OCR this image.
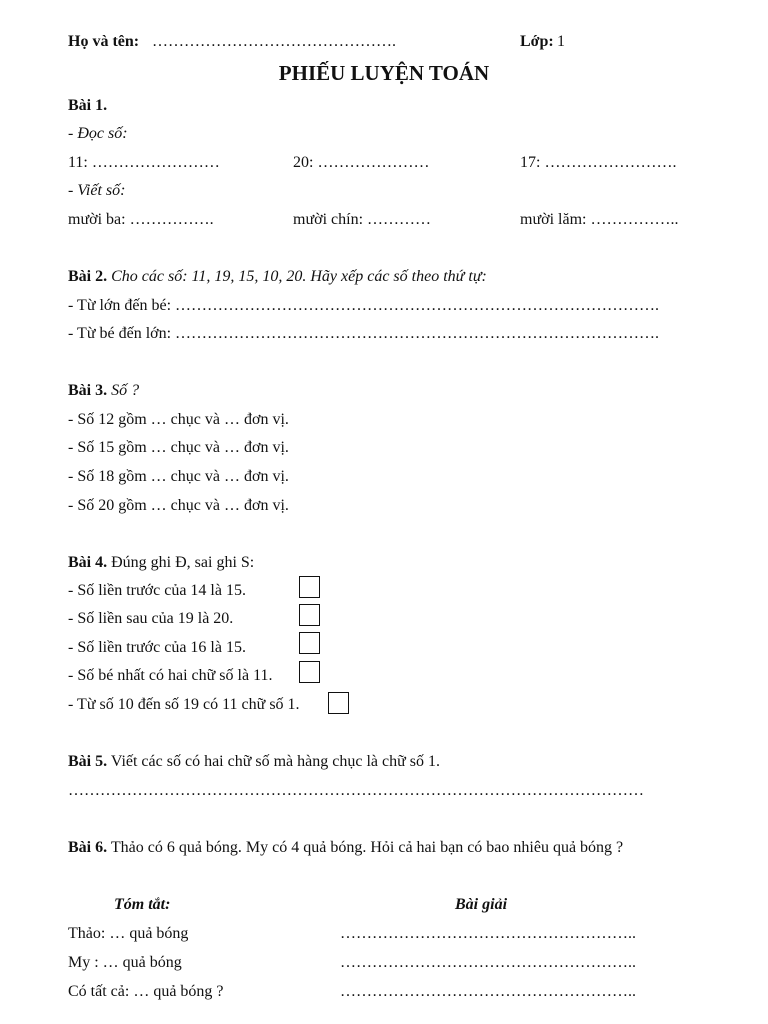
Họ và tên: ……………………………………….	Lớp: 1
PHIẾU LUYỆN TOÁN
Bài 1.
- Đọc số:
11: ……………………	20: …………………	17: …………………….
- Viết số:
mười ba: …………….	mười chín: …………	mười lăm: ……………..
Bài 2. Cho các số: 11, 19, 15, 10, 20. Hãy xếp các số theo thứ tự:
- Từ lớn đến bé: ……………………………………………………………………………….
- Từ bé đến lớn: ……………………………………………………………………………….
Bài 3. Số ?
- Số 12 gồm … chục và … đơn vị.
- Số 15 gồm … chục và … đơn vị.
- Số 18 gồm … chục và … đơn vị.
- Số 20 gồm … chục và … đơn vị.
Bài 4. Đúng ghi Đ, sai ghi S:
- Số liền trước của 14 là 15.
- Số liền sau của 19 là 20.
- Số liền trước của 16 là 15.
- Số bé nhất có hai chữ số là 11.
- Từ số 10 đến số 19 có 11 chữ số 1.
Bài 5. Viết các số có hai chữ số mà hàng chục là chữ số 1.
………………………………………………………………………………………………
Bài 6. Thảo có 6 quả bóng. My có 4 quả bóng. Hỏi cả hai bạn có bao nhiêu quả bóng ?
Tóm tắt:	Bài giải
Thảo: … quả bóng	………………………………………………..
My : … quả bóng	………………………………………………..
Có tất cả: … quả bóng ?	………………………………………………..
